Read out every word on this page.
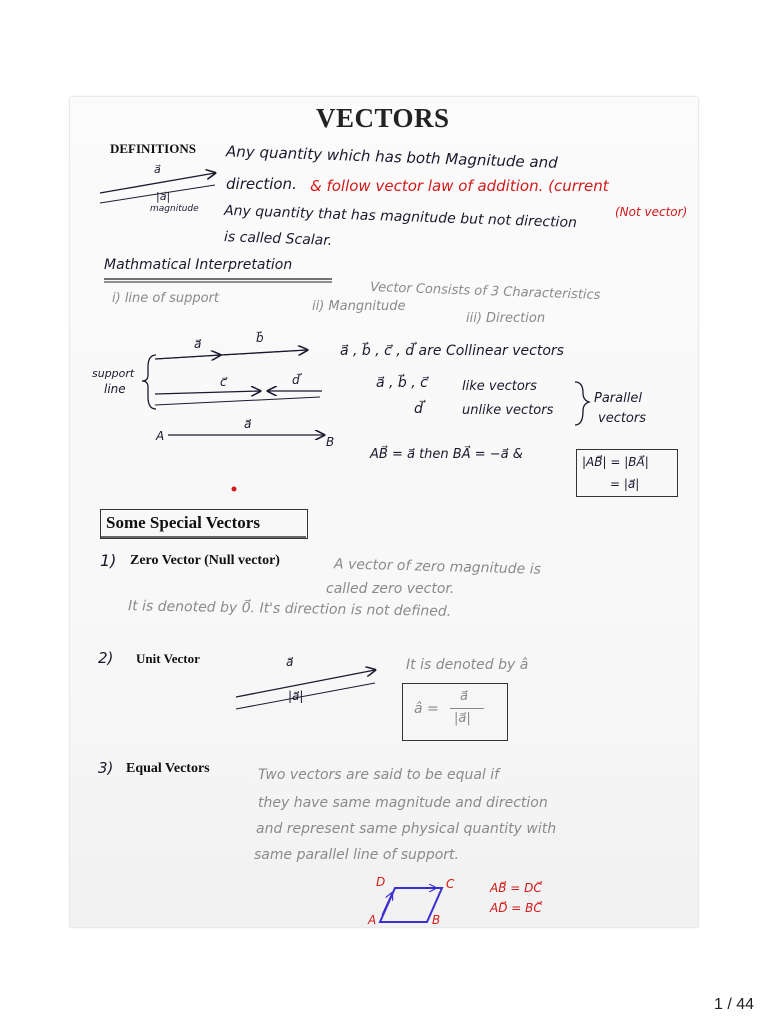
VECTORS
DEFINITIONS
a⃗
|a⃗|
magnitude
Any quantity which has both Magnitude and
direction. & follow vector law of addition. (current
(Not vector)
Any quantity that has magnitude but not direction
is called Scalar.
Mathmatical Interpretation
Vector Consists of 3 Characteristics
i) line of support
ii) Mangnitude
iii) Direction
support
line
a⃗	b⃗
c⃗	d⃗
a⃗
A	B
a⃗ , b⃗ , c⃗ , d⃗ are Collinear vectors
a⃗ , b⃗ , c⃗	like vectors
d⃗	unlike vectors
Parallel
vectors
AB⃗ = a⃗ then BA⃗ = −a⃗ &	|AB⃗| = |BA⃗|
= |a⃗|
Some Special Vectors
1) Zero Vector (Null vector)	A vector of zero magnitude is
called zero vector.
It is denoted by 0⃗. It's direction is not defined.
2) Unit Vector	a⃗
|a⃗|
It is denoted by â
â =
a⃗
|a⃗|
3) Equal Vectors	Two vectors are said to be equal if
they have same magnitude and direction
and represent same physical quantity with
same parallel line of support.
D	C
A	B
AB⃗ = DC⃗
AD⃗ = BC⃗
1 / 44
